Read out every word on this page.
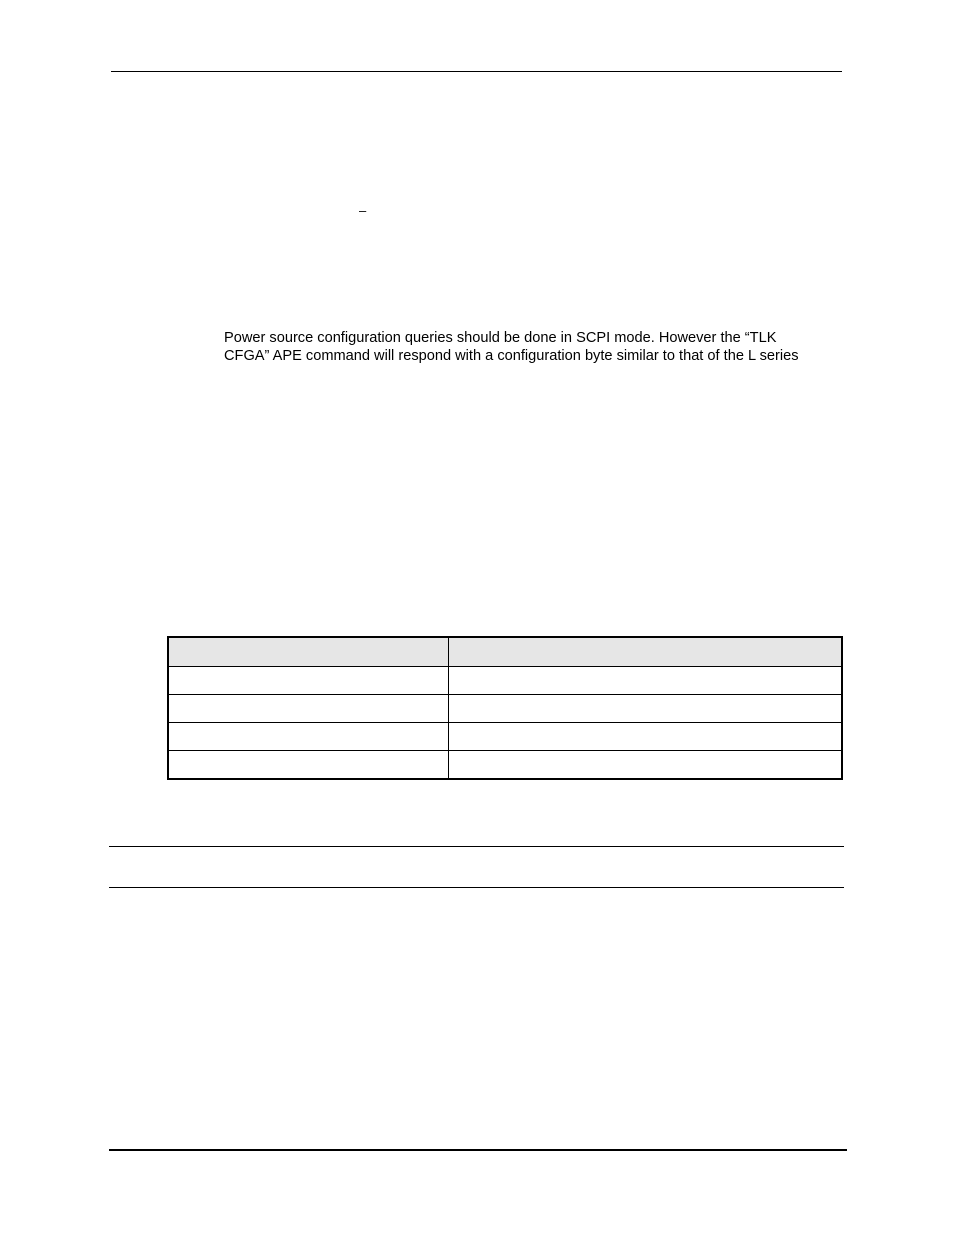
–
Power source configuration queries should be done in SCPI mode. However the “TLK
CFGA” APE command will respond with a configuration byte similar to that of the L series
